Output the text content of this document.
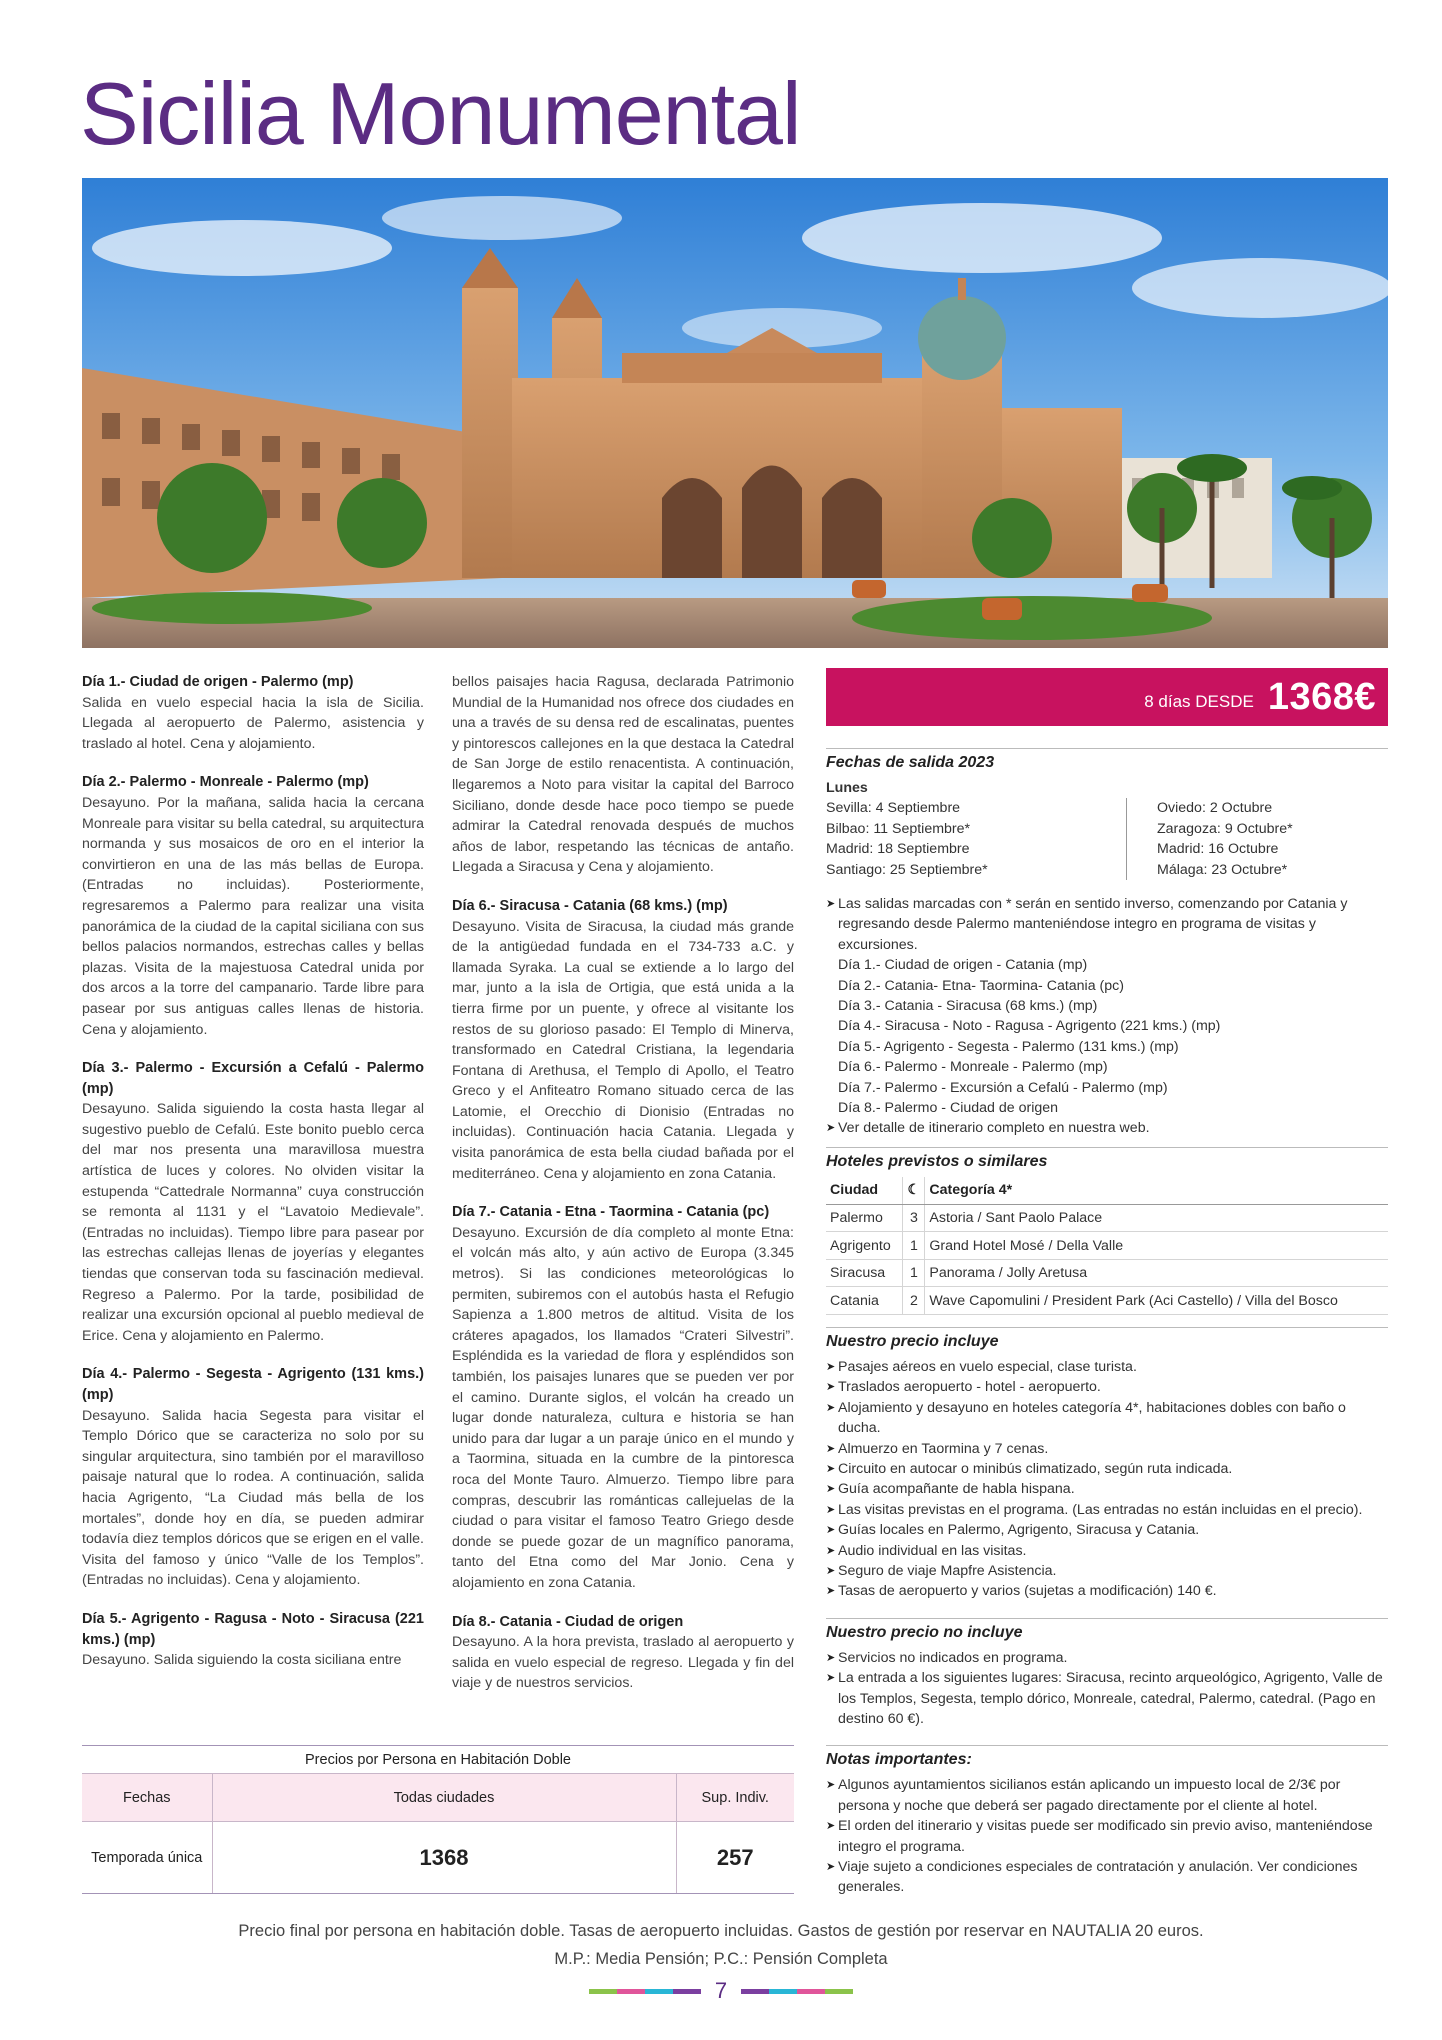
Sicilia Monumental
Día 1.- Ciudad de origen - Palermo (mp)

Salida en vuelo especial hacia la isla de Sicilia. Llegada al aeropuerto de Palermo, asistencia y traslado al hotel. Cena y alojamiento.

Día 2.- Palermo - Monreale - Palermo (mp)

Desayuno. Por la mañana, salida hacia la cercana Monreale para visitar su bella catedral, su arquitectura normanda y sus mosaicos de oro en el interior la convirtieron en una de las más bellas de Europa. (Entradas no incluidas). Posteriormente, regresaremos a Palermo para realizar una visita panorámica de la ciudad de la capital siciliana con sus bellos palacios normandos, estrechas calles y bellas plazas. Visita de la majestuosa Catedral unida por dos arcos a la torre del campanario. Tarde libre para pasear por sus antiguas calles llenas de historia. Cena y alojamiento.

Día 3.- Palermo - Excursión a Cefalú - Palermo (mp)

Desayuno. Salida siguiendo la costa hasta llegar al sugestivo pueblo de Cefalú. Este bonito pueblo cerca del mar nos presenta una maravillosa muestra artística de luces y colores. No olviden visitar la estupenda “Cattedrale Normanna” cuya construcción se remonta al 1131 y el “Lavatoio Medievale”. (Entradas no incluidas). Tiempo libre para pasear por las estrechas callejas llenas de joyerías y elegantes tiendas que conservan toda su fascinación medieval. Regreso a Palermo. Por la tarde, posibilidad de realizar una excursión opcional al pueblo medieval de Erice. Cena y alojamiento en Palermo.

Día 4.- Palermo - Segesta - Agrigento (131 kms.) (mp)

Desayuno. Salida hacia Segesta para visitar el Templo Dórico que se caracteriza no solo por su singular arquitectura, sino también por el maravilloso paisaje natural que lo rodea. A continuación, salida hacia Agrigento, “La Ciudad más bella de los mortales”, donde hoy en día, se pueden admirar todavía diez templos dóricos que se erigen en el valle. Visita del famoso y único “Valle de los Templos”. (Entradas no incluidas). Cena y alojamiento.

Día 5.- Agrigento - Ragusa - Noto - Siracusa (221 kms.) (mp)

Desayuno. Salida siguiendo la costa siciliana entre

bellos paisajes hacia Ragusa, declarada Patrimonio Mundial de la Humanidad nos ofrece dos ciudades en una a través de su densa red de escalinatas, puentes y pintorescos callejones en la que destaca la Catedral de San Jorge de estilo renacentista. A continuación, llegaremos a Noto para visitar la capital del Barroco Siciliano, donde desde hace poco tiempo se puede admirar la Catedral renovada después de muchos años de labor, respetando las técnicas de antaño. Llegada a Siracusa y Cena y alojamiento.

Día 6.- Siracusa - Catania (68 kms.) (mp)

Desayuno. Visita de Siracusa, la ciudad más grande de la antigüedad fundada en el 734-733 a.C. y llamada Syraka. La cual se extiende a lo largo del mar, junto a la isla de Ortigia, que está unida a la tierra firme por un puente, y ofrece al visitante los restos de su glorioso pasado: El Templo di Minerva, transformado en Catedral Cristiana, la legendaria Fontana di Arethusa, el Templo di Apollo, el Teatro Greco y el Anfiteatro Romano situado cerca de las Latomie, el Orecchio di Dionisio (Entradas no incluidas). Continuación hacia Catania. Llegada y visita panorámica de esta bella ciudad bañada por el mediterráneo. Cena y alojamiento en zona Catania.

Día 7.- Catania - Etna - Taormina - Catania (pc)

Desayuno. Excursión de día completo al monte Etna: el volcán más alto, y aún activo de Europa (3.345 metros). Si las condiciones meteorológicas lo permiten, subiremos con el autobús hasta el Refugio Sapienza a 1.800 metros de altitud. Visita de los cráteres apagados, los llamados “Crateri Silvestri”. Espléndida es la variedad de flora y espléndidos son también, los paisajes lunares que se pueden ver por el camino. Durante siglos, el volcán ha creado un lugar donde naturaleza, cultura e historia se han unido para dar lugar a un paraje único en el mundo y a Taormina, situada en la cumbre de la pintoresca roca del Monte Tauro. Almuerzo. Tiempo libre para compras, descubrir las románticas callejuelas de la ciudad o para visitar el famoso Teatro Griego desde donde se puede gozar de un magnífico panorama, tanto del Etna como del Mar Jonio. Cena y alojamiento en zona Catania.

Día 8.- Catania - Ciudad de origen

Desayuno. A la hora prevista, traslado al aeropuerto y salida en vuelo especial de regreso. Llegada y fin del viaje y de nuestros servicios.

8 días DESDE 1368€
Fechas de salida 2023
Lunes
Sevilla: 4 Septiembre
Bilbao: 11 Septiembre*
Madrid: 18 Septiembre
Santiago: 25 Septiembre*
Oviedo: 2 Octubre
Zaragoza: 9 Octubre*
Madrid: 16 Octubre
Málaga: 23 Octubre*
➤ Las salidas marcadas con * serán en sentido inverso, comenzando por Catania y regresando desde Palermo manteniéndose integro en programa de visitas y excursiones.
Día 1.- Ciudad de origen - Catania (mp)
Día 2.- Catania- Etna- Taormina- Catania (pc)
Día 3.- Catania - Siracusa (68 kms.) (mp)
Día 4.- Siracusa - Noto - Ragusa - Agrigento (221 kms.) (mp)
Día 5.- Agrigento - Segesta - Palermo (131 kms.) (mp)
Día 6.- Palermo - Monreale - Palermo (mp)
Día 7.- Palermo - Excursión a Cefalú - Palermo (mp)
Día 8.- Palermo - Ciudad de origen
➤ Ver detalle de itinerario completo en nuestra web.
Hoteles previstos o similares
Ciudad	☾	Categoría 4*
Palermo	3	Astoria / Sant Paolo Palace
Agrigento	1	Grand Hotel Mosé / Della Valle
Siracusa	1	Panorama / Jolly Aretusa
Catania	2	Wave Capomulini / President Park (Aci Castello) / Villa del Bosco
Nuestro precio incluye
➤ Pasajes aéreos en vuelo especial, clase turista.
➤ Traslados aeropuerto - hotel - aeropuerto.
➤ Alojamiento y desayuno en hoteles categoría 4*, habitaciones dobles con baño o ducha.
➤ Almuerzo en Taormina y 7 cenas.
➤ Circuito en autocar o minibús climatizado, según ruta indicada.
➤ Guía acompañante de habla hispana.
➤ Las visitas previstas en el programa. (Las entradas no están incluidas en el precio).
➤ Guías locales en Palermo, Agrigento, Siracusa y Catania.
➤ Audio individual en las visitas.
➤ Seguro de viaje Mapfre Asistencia.
➤ Tasas de aeropuerto y varios (sujetas a modificación) 140 €.
Nuestro precio no incluye
➤ Servicios no indicados en programa.
➤ La entrada a los siguientes lugares: Siracusa, recinto arqueológico, Agrigento, Valle de los Templos, Segesta, templo dórico, Monreale, catedral, Palermo, catedral. (Pago en destino 60 €).
Notas importantes:
➤ Algunos ayuntamientos sicilianos están aplicando un impuesto local de 2/3€ por persona y noche que deberá ser pagado directamente por el cliente al hotel.
➤ El orden del itinerario y visitas puede ser modificado sin previo aviso, manteniéndose integro el programa.
➤ Viaje sujeto a condiciones especiales de contratación y anulación. Ver condiciones generales.
Precios por Persona en Habitación Doble
Fechas	Todas ciudades	Sup. Indiv.
Temporada única	1368	257
Precio final por persona en habitación doble. Tasas de aeropuerto incluidas. Gastos de gestión por reservar en NAUTALIA 20 euros.
M.P.: Media Pensión; P.C.: Pensión Completa
7
